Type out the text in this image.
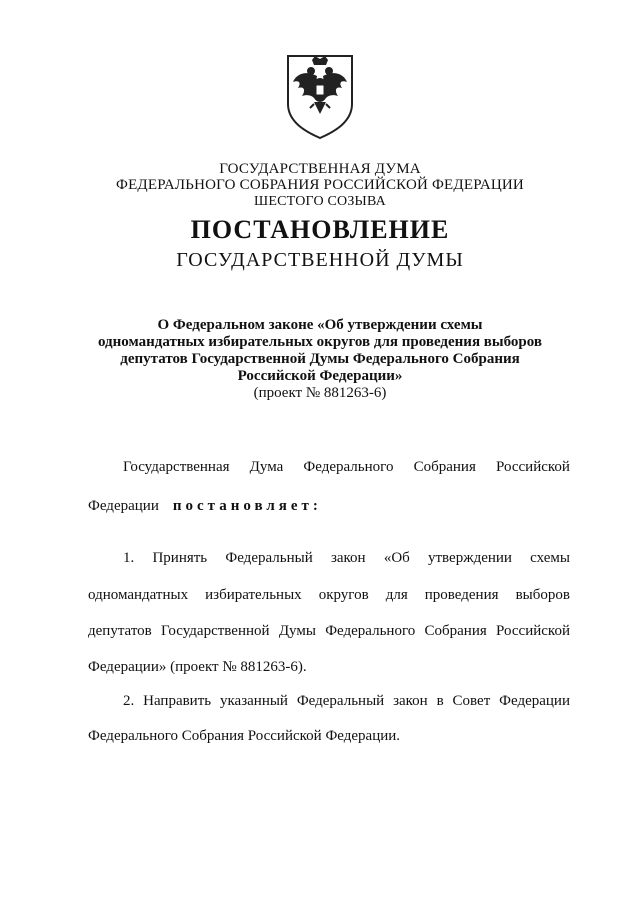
ГОСУДАРСТВЕННАЯ ДУМА
ФЕДЕРАЛЬНОГО СОБРАНИЯ РОССИЙСКОЙ ФЕДЕРАЦИИ
ШЕСТОГО СОЗЫВА
ПОСТАНОВЛЕНИЕ
ГОСУДАРСТВЕННОЙ ДУМЫ
О Федеральном законе «Об утверждении схемы
одномандатных избирательных округов для проведения выборов
депутатов Государственной Думы Федерального Собрания
Российской Федерации»
(проект № 881263-6)
Государственная Дума Федерального Собрания Российской
Федерации постановляет:
1. Принять Федеральный закон «Об утверждении схемы
одномандатных избирательных округов для проведения выборов
депутатов Государственной Думы Федерального Собрания Российской
Федерации» (проект № 881263-6).
2. Направить указанный Федеральный закон в Совет Федерации
Федерального Собрания Российской Федерации.
